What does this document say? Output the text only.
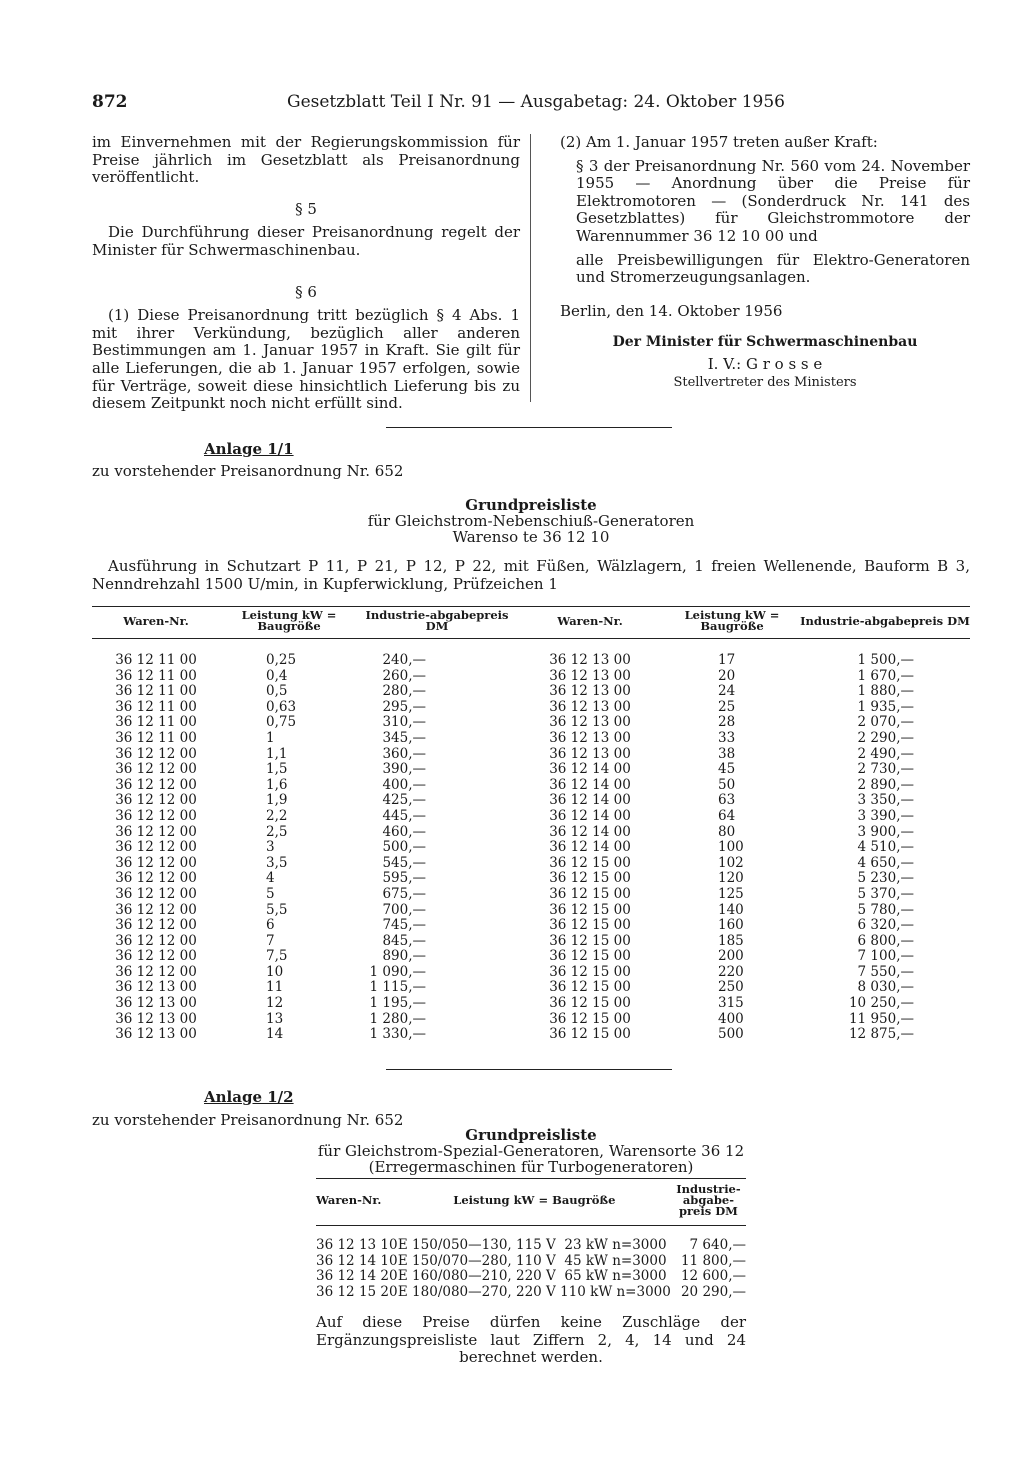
872	Gesetzblatt Teil I Nr. 91 — Ausgabetag: 24. Oktober 1956

im Einvernehmen mit der Regierungskommission für Preise jährlich im Gesetzblatt als Preisanordnung veröffentlicht.

§ 5

Die Durchführung dieser Preisanordnung regelt der Minister für Schwermaschinenbau.

§ 6

(1) Diese Preisanordnung tritt bezüglich § 4 Abs. 1 mit ihrer Verkündung, bezüglich aller anderen Bestimmungen am 1. Januar 1957 in Kraft. Sie gilt für alle Lieferungen, die ab 1. Januar 1957 erfolgen, sowie für Verträge, soweit diese hinsichtlich Lieferung bis zu diesem Zeitpunkt noch nicht erfüllt sind.

(2) Am 1. Januar 1957 treten außer Kraft:

§ 3 der Preisanordnung Nr. 560 vom 24. November 1955 — Anordnung über die Preise für Elektromotoren — (Sonderdruck Nr. 141 des Gesetzblattes) für Gleichstrommotore der Warennummer 36 12 10 00 und

alle Preisbewilligungen für Elektro-Generatoren und Stromerzeugungsanlagen.

Berlin, den 14. Oktober 1956

Der Minister für Schwermaschinenbau

I. V.: G r o s s e

Stellvertreter des Ministers

Anlage 1/1
zu vorstehender Preisanordnung Nr. 652
Grundpreisliste
für Gleichstrom-Nebenschiuß-Generatoren
Warenso te 36 12 10

Ausführung in Schutzart P 11, P 21, P 12, P 22, mit Füßen, Wälzlagern, 1 freien Wellenende, Bauform B 3, Nenndrehzahl 1500 U/min, in Kupferwicklung, Prüfzeichen 1

Waren-Nr.	Leistung kW = Baugröße	Industrie-abgabepreis DM	Waren-Nr.	Leistung kW = Baugröße	Industrie-abgabepreis DM
36 12 11 00	0,25	240,—	36 12 13 00	17	1 500,—
36 12 11 00	0,4	260,—	36 12 13 00	20	1 670,—
36 12 11 00	0,5	280,—	36 12 13 00	24	1 880,—
36 12 11 00	0,63	295,—	36 12 13 00	25	1 935,—
36 12 11 00	0,75	310,—	36 12 13 00	28	2 070,—
36 12 11 00	1	345,—	36 12 13 00	33	2 290,—
36 12 12 00	1,1	360,—	36 12 13 00	38	2 490,—
36 12 12 00	1,5	390,—	36 12 14 00	45	2 730,—
36 12 12 00	1,6	400,—	36 12 14 00	50	2 890,—
36 12 12 00	1,9	425,—	36 12 14 00	63	3 350,—
36 12 12 00	2,2	445,—	36 12 14 00	64	3 390,—
36 12 12 00	2,5	460,—	36 12 14 00	80	3 900,—
36 12 12 00	3	500,—	36 12 14 00	100	4 510,—
36 12 12 00	3,5	545,—	36 12 15 00	102	4 650,—
36 12 12 00	4	595,—	36 12 15 00	120	5 230,—
36 12 12 00	5	675,—	36 12 15 00	125	5 370,—
36 12 12 00	5,5	700,—	36 12 15 00	140	5 780,—
36 12 12 00	6	745,—	36 12 15 00	160	6 320,—
36 12 12 00	7	845,—	36 12 15 00	185	6 800,—
36 12 12 00	7,5	890,—	36 12 15 00	200	7 100,—
36 12 12 00	10	1 090,—	36 12 15 00	220	7 550,—
36 12 13 00	11	1 115,—	36 12 15 00	250	8 030,—
36 12 13 00	12	1 195,—	36 12 15 00	315	10 250,—
36 12 13 00	13	1 280,—	36 12 15 00	400	11 950,—
36 12 13 00	14	1 330,—	36 12 15 00	500	12 875,—
Anlage 1/2
zu vorstehender Preisanordnung Nr. 652
Grundpreisliste
für Gleichstrom-Spezial-Generatoren, Warensorte 36 12
(Erregermaschinen für Turbogeneratoren)
Waren-Nr.	Leistung kW = Baugröße	Industrie-abgabe-preis DM
36 12 13 10	E 150/050—130, 115 V  23 kW n=3000	7 640,—
36 12 14 10	E 150/070—280, 110 V  45 kW n=3000	11 800,—
36 12 14 20	E 160/080—210, 220 V  65 kW n=3000	12 600,—
36 12 15 20	E 180/080—270, 220 V 110 kW n=3000	20 290,—

Auf diese Preise dürfen keine Zuschläge der Ergänzungspreisliste laut Ziffern 2, 4, 14 und 24 berechnet werden.
